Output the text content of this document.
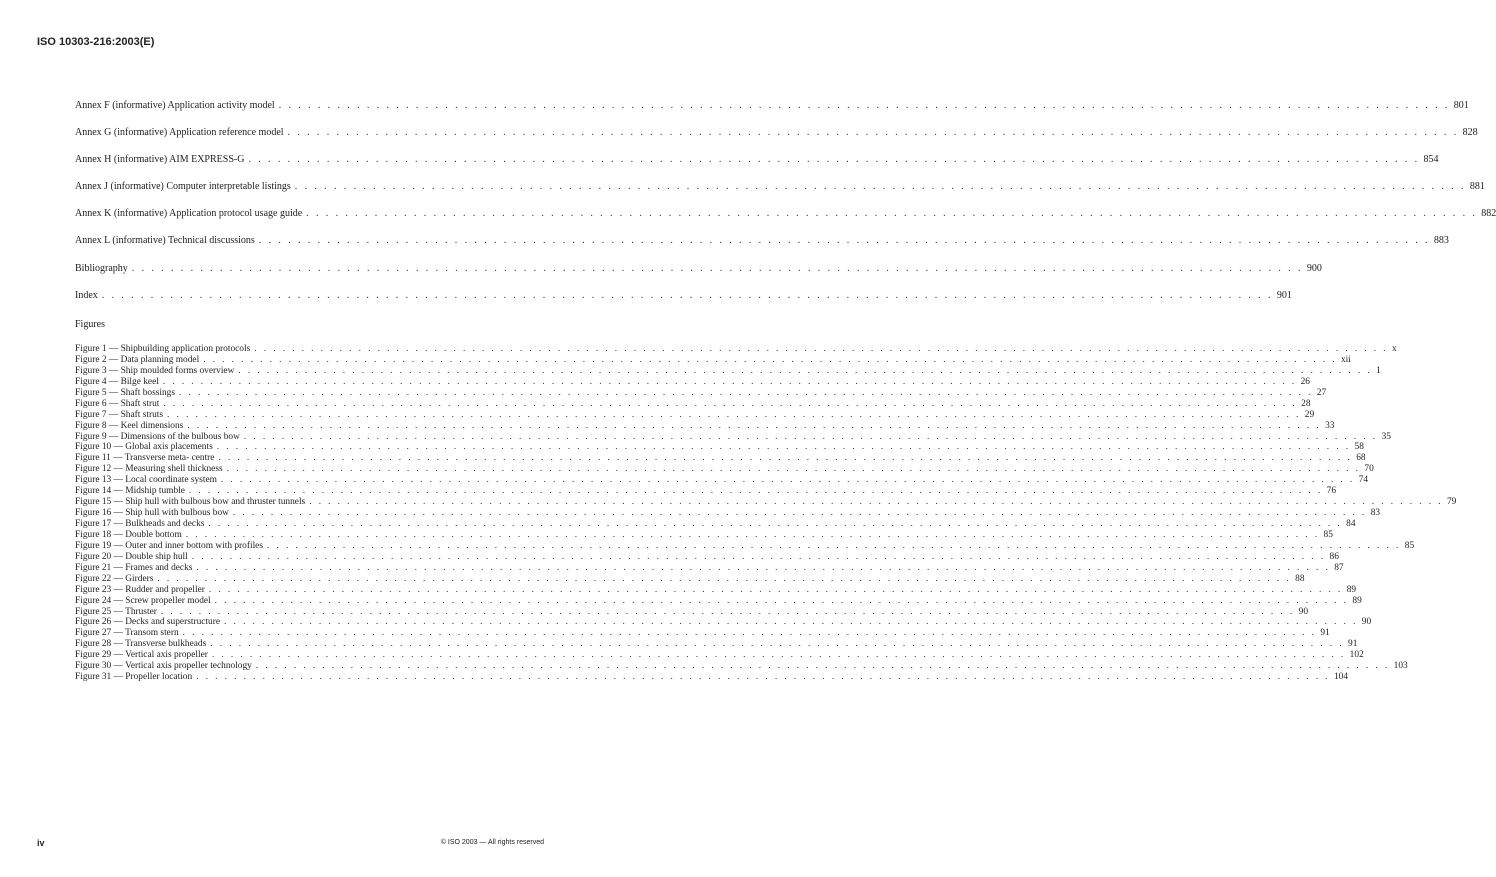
ISO 10303-216:2003(E)
Annex F (informative) Application activity model . . . . . . . . . . . . . . . . . . . . . . . . . . . . . . . . . . . . . . . . . . . . . . . . . . . . . . . . . . . . . . . . . . . . . . . . . . . . . . . . . . . . . . . . . . . . . . . . . . . . . . . . . . . . . . . . . . . . . . . . 801
Annex G (informative) Application reference model . . . . . . . . . . . . . . . . . . . . . . . . . . . . . . . . . . . . . . . . . . . . . . . . . . . . . . . . . . . . . . . . . . . . . . . . . . . . . . . . . . . . . . . . . . . . . . . . . . . . . . . . . . . . . . . . . . . . . . . . 828
Annex H (informative) AIM EXPRESS-G . . . . . . . . . . . . . . . . . . . . . . . . . . . . . . . . . . . . . . . . . . . . . . . . . . . . . . . . . . . . . . . . . . . . . . . . . . . . . . . . . . . . . . . . . . . . . . . . . . . . . . . . . . . . . . . . . . . . . . . . 854
Annex J (informative) Computer interpretable listings . . . . . . . . . . . . . . . . . . . . . . . . . . . . . . . . . . . . . . . . . . . . . . . . . . . . . . . . . . . . . . . . . . . . . . . . . . . . . . . . . . . . . . . . . . . . . . . . . . . . . . . . . . . . . . . . . . . . . . . . 881
Annex K (informative) Application protocol usage guide . . . . . . . . . . . . . . . . . . . . . . . . . . . . . . . . . . . . . . . . . . . . . . . . . . . . . . . . . . . . . . . . . . . . . . . . . . . . . . . . . . . . . . . . . . . . . . . . . . . . . . . . . . . . . . . . . . . . . . . . 882
Annex L (informative) Technical discussions . . . . . . . . . . . . . . . . . . . . . . . . . . . . . . . . . . . . . . . . . . . . . . . . . . . . . . . . . . . . . . . . . . . . . . . . . . . . . . . . . . . . . . . . . . . . . . . . . . . . . . . . . . . . . . . . . . . . . . . . 883
Bibliography . . . . . . . . . . . . . . . . . . . . . . . . . . . . . . . . . . . . . . . . . . . . . . . . . . . . . . . . . . . . . . . . . . . . . . . . . . . . . . . . . . . . . . . . . . . . . . . . . . . . . . . . . . . . . . . . . . . . . . . . 900
Index . . . . . . . . . . . . . . . . . . . . . . . . . . . . . . . . . . . . . . . . . . . . . . . . . . . . . . . . . . . . . . . . . . . . . . . . . . . . . . . . . . . . . . . . . . . . . . . . . . . . . . . . . . . . . . . . . . . . . . . . 901
Figures
Figure 1 — Shipbuilding application protocols . . . . . . . . . . . . . . . . . . . . . . . . . . . . . . . . . . . . . . . . . . . . . . . . . . . . . . . . . . . . . . . . . . . . . . . . . . . . . . . . . . . . . . . . . . . . . . . . . . . . . . . . . . . . . . . . . . . . . . . . x
Figure 2 — Data planning model . . . . . . . . . . . . . . . . . . . . . . . . . . . . . . . . . . . . . . . . . . . . . . . . . . . . . . . . . . . . . . . . . . . . . . . . . . . . . . . . . . . . . . . . . . . . . . . . . . . . . . . . . . . . . . . . . . . . . . . . xii
Figure 3 — Ship moulded forms overview . . . . . . . . . . . . . . . . . . . . . . . . . . . . . . . . . . . . . . . . . . . . . . . . . . . . . . . . . . . . . . . . . . . . . . . . . . . . . . . . . . . . . . . . . . . . . . . . . . . . . . . . . . . . . . . . . . . . . . . . 1
Figure 4 — Bilge keel . . . . . . . . . . . . . . . . . . . . . . . . . . . . . . . . . . . . . . . . . . . . . . . . . . . . . . . . . . . . . . . . . . . . . . . . . . . . . . . . . . . . . . . . . . . . . . . . . . . . . . . . . . . . . . . . . . . . . . . . 26
Figure 5 — Shaft bossings . . . . . . . . . . . . . . . . . . . . . . . . . . . . . . . . . . . . . . . . . . . . . . . . . . . . . . . . . . . . . . . . . . . . . . . . . . . . . . . . . . . . . . . . . . . . . . . . . . . . . . . . . . . . . . . . . . . . . . . . 27
Figure 6 — Shaft strut . . . . . . . . . . . . . . . . . . . . . . . . . . . . . . . . . . . . . . . . . . . . . . . . . . . . . . . . . . . . . . . . . . . . . . . . . . . . . . . . . . . . . . . . . . . . . . . . . . . . . . . . . . . . . . . . . . . . . . . . 28
Figure 7 — Shaft struts . . . . . . . . . . . . . . . . . . . . . . . . . . . . . . . . . . . . . . . . . . . . . . . . . . . . . . . . . . . . . . . . . . . . . . . . . . . . . . . . . . . . . . . . . . . . . . . . . . . . . . . . . . . . . . . . . . . . . . . . 29
Figure 8 — Keel dimensions . . . . . . . . . . . . . . . . . . . . . . . . . . . . . . . . . . . . . . . . . . . . . . . . . . . . . . . . . . . . . . . . . . . . . . . . . . . . . . . . . . . . . . . . . . . . . . . . . . . . . . . . . . . . . . . . . . . . . . . . 33
Figure 9 — Dimensions of the bulbous bow . . . . . . . . . . . . . . . . . . . . . . . . . . . . . . . . . . . . . . . . . . . . . . . . . . . . . . . . . . . . . . . . . . . . . . . . . . . . . . . . . . . . . . . . . . . . . . . . . . . . . . . . . . . . . . . . . . . . . . . . 35
Figure 10 — Global axis placements . . . . . . . . . . . . . . . . . . . . . . . . . . . . . . . . . . . . . . . . . . . . . . . . . . . . . . . . . . . . . . . . . . . . . . . . . . . . . . . . . . . . . . . . . . . . . . . . . . . . . . . . . . . . . . . . . . . . . . . . 58
Figure 11 — Transverse meta- centre . . . . . . . . . . . . . . . . . . . . . . . . . . . . . . . . . . . . . . . . . . . . . . . . . . . . . . . . . . . . . . . . . . . . . . . . . . . . . . . . . . . . . . . . . . . . . . . . . . . . . . . . . . . . . . . . . . . . . . . . 68
Figure 12 — Measuring shell thickness . . . . . . . . . . . . . . . . . . . . . . . . . . . . . . . . . . . . . . . . . . . . . . . . . . . . . . . . . . . . . . . . . . . . . . . . . . . . . . . . . . . . . . . . . . . . . . . . . . . . . . . . . . . . . . . . . . . . . . . . 70
Figure 13 — Local coordinate system . . . . . . . . . . . . . . . . . . . . . . . . . . . . . . . . . . . . . . . . . . . . . . . . . . . . . . . . . . . . . . . . . . . . . . . . . . . . . . . . . . . . . . . . . . . . . . . . . . . . . . . . . . . . . . . . . . . . . . . . 74
Figure 14 — Midship tumble . . . . . . . . . . . . . . . . . . . . . . . . . . . . . . . . . . . . . . . . . . . . . . . . . . . . . . . . . . . . . . . . . . . . . . . . . . . . . . . . . . . . . . . . . . . . . . . . . . . . . . . . . . . . . . . . . . . . . . . . 76
Figure 15 — Ship hull with bulbous bow and thruster tunnels . . . . . . . . . . . . . . . . . . . . . . . . . . . . . . . . . . . . . . . . . . . . . . . . . . . . . . . . . . . . . . . . . . . . . . . . . . . . . . . . . . . . . . . . . . . . . . . . . . . . . . . . . . . . . . . . . . . . . . . . 79
Figure 16 — Ship hull with bulbous bow . . . . . . . . . . . . . . . . . . . . . . . . . . . . . . . . . . . . . . . . . . . . . . . . . . . . . . . . . . . . . . . . . . . . . . . . . . . . . . . . . . . . . . . . . . . . . . . . . . . . . . . . . . . . . . . . . . . . . . . . 83
Figure 17 — Bulkheads and decks . . . . . . . . . . . . . . . . . . . . . . . . . . . . . . . . . . . . . . . . . . . . . . . . . . . . . . . . . . . . . . . . . . . . . . . . . . . . . . . . . . . . . . . . . . . . . . . . . . . . . . . . . . . . . . . . . . . . . . . . 84
Figure 18 — Double bottom . . . . . . . . . . . . . . . . . . . . . . . . . . . . . . . . . . . . . . . . . . . . . . . . . . . . . . . . . . . . . . . . . . . . . . . . . . . . . . . . . . . . . . . . . . . . . . . . . . . . . . . . . . . . . . . . . . . . . . . . 85
Figure 19 — Outer and inner bottom with profiles . . . . . . . . . . . . . . . . . . . . . . . . . . . . . . . . . . . . . . . . . . . . . . . . . . . . . . . . . . . . . . . . . . . . . . . . . . . . . . . . . . . . . . . . . . . . . . . . . . . . . . . . . . . . . . . . . . . . . . . . 85
Figure 20 — Double ship hull . . . . . . . . . . . . . . . . . . . . . . . . . . . . . . . . . . . . . . . . . . . . . . . . . . . . . . . . . . . . . . . . . . . . . . . . . . . . . . . . . . . . . . . . . . . . . . . . . . . . . . . . . . . . . . . . . . . . . . . . 86
Figure 21 — Frames and decks . . . . . . . . . . . . . . . . . . . . . . . . . . . . . . . . . . . . . . . . . . . . . . . . . . . . . . . . . . . . . . . . . . . . . . . . . . . . . . . . . . . . . . . . . . . . . . . . . . . . . . . . . . . . . . . . . . . . . . . . 87
Figure 22 — Girders . . . . . . . . . . . . . . . . . . . . . . . . . . . . . . . . . . . . . . . . . . . . . . . . . . . . . . . . . . . . . . . . . . . . . . . . . . . . . . . . . . . . . . . . . . . . . . . . . . . . . . . . . . . . . . . . . . . . . . . . 88
Figure 23 — Rudder and propeller . . . . . . . . . . . . . . . . . . . . . . . . . . . . . . . . . . . . . . . . . . . . . . . . . . . . . . . . . . . . . . . . . . . . . . . . . . . . . . . . . . . . . . . . . . . . . . . . . . . . . . . . . . . . . . . . . . . . . . . . 89
Figure 24 — Screw propeller model . . . . . . . . . . . . . . . . . . . . . . . . . . . . . . . . . . . . . . . . . . . . . . . . . . . . . . . . . . . . . . . . . . . . . . . . . . . . . . . . . . . . . . . . . . . . . . . . . . . . . . . . . . . . . . . . . . . . . . . . 89
Figure 25 — Thruster . . . . . . . . . . . . . . . . . . . . . . . . . . . . . . . . . . . . . . . . . . . . . . . . . . . . . . . . . . . . . . . . . . . . . . . . . . . . . . . . . . . . . . . . . . . . . . . . . . . . . . . . . . . . . . . . . . . . . . . . 90
Figure 26 — Decks and superstructure . . . . . . . . . . . . . . . . . . . . . . . . . . . . . . . . . . . . . . . . . . . . . . . . . . . . . . . . . . . . . . . . . . . . . . . . . . . . . . . . . . . . . . . . . . . . . . . . . . . . . . . . . . . . . . . . . . . . . . . . 90
Figure 27 — Transom stern . . . . . . . . . . . . . . . . . . . . . . . . . . . . . . . . . . . . . . . . . . . . . . . . . . . . . . . . . . . . . . . . . . . . . . . . . . . . . . . . . . . . . . . . . . . . . . . . . . . . . . . . . . . . . . . . . . . . . . . . 91
Figure 28 — Transverse bulkheads . . . . . . . . . . . . . . . . . . . . . . . . . . . . . . . . . . . . . . . . . . . . . . . . . . . . . . . . . . . . . . . . . . . . . . . . . . . . . . . . . . . . . . . . . . . . . . . . . . . . . . . . . . . . . . . . . . . . . . . . 91
Figure 29 — Vertical axis propeller . . . . . . . . . . . . . . . . . . . . . . . . . . . . . . . . . . . . . . . . . . . . . . . . . . . . . . . . . . . . . . . . . . . . . . . . . . . . . . . . . . . . . . . . . . . . . . . . . . . . . . . . . . . . . . . . . . . . . . . . 102
Figure 30 — Vertical axis propeller technology . . . . . . . . . . . . . . . . . . . . . . . . . . . . . . . . . . . . . . . . . . . . . . . . . . . . . . . . . . . . . . . . . . . . . . . . . . . . . . . . . . . . . . . . . . . . . . . . . . . . . . . . . . . . . . . . . . . . . . . . 103
Figure 31 — Propeller location . . . . . . . . . . . . . . . . . . . . . . . . . . . . . . . . . . . . . . . . . . . . . . . . . . . . . . . . . . . . . . . . . . . . . . . . . . . . . . . . . . . . . . . . . . . . . . . . . . . . . . . . . . . . . . . . . . . . . . . . 104
iv	© ISO 2003 — All rights reserved
